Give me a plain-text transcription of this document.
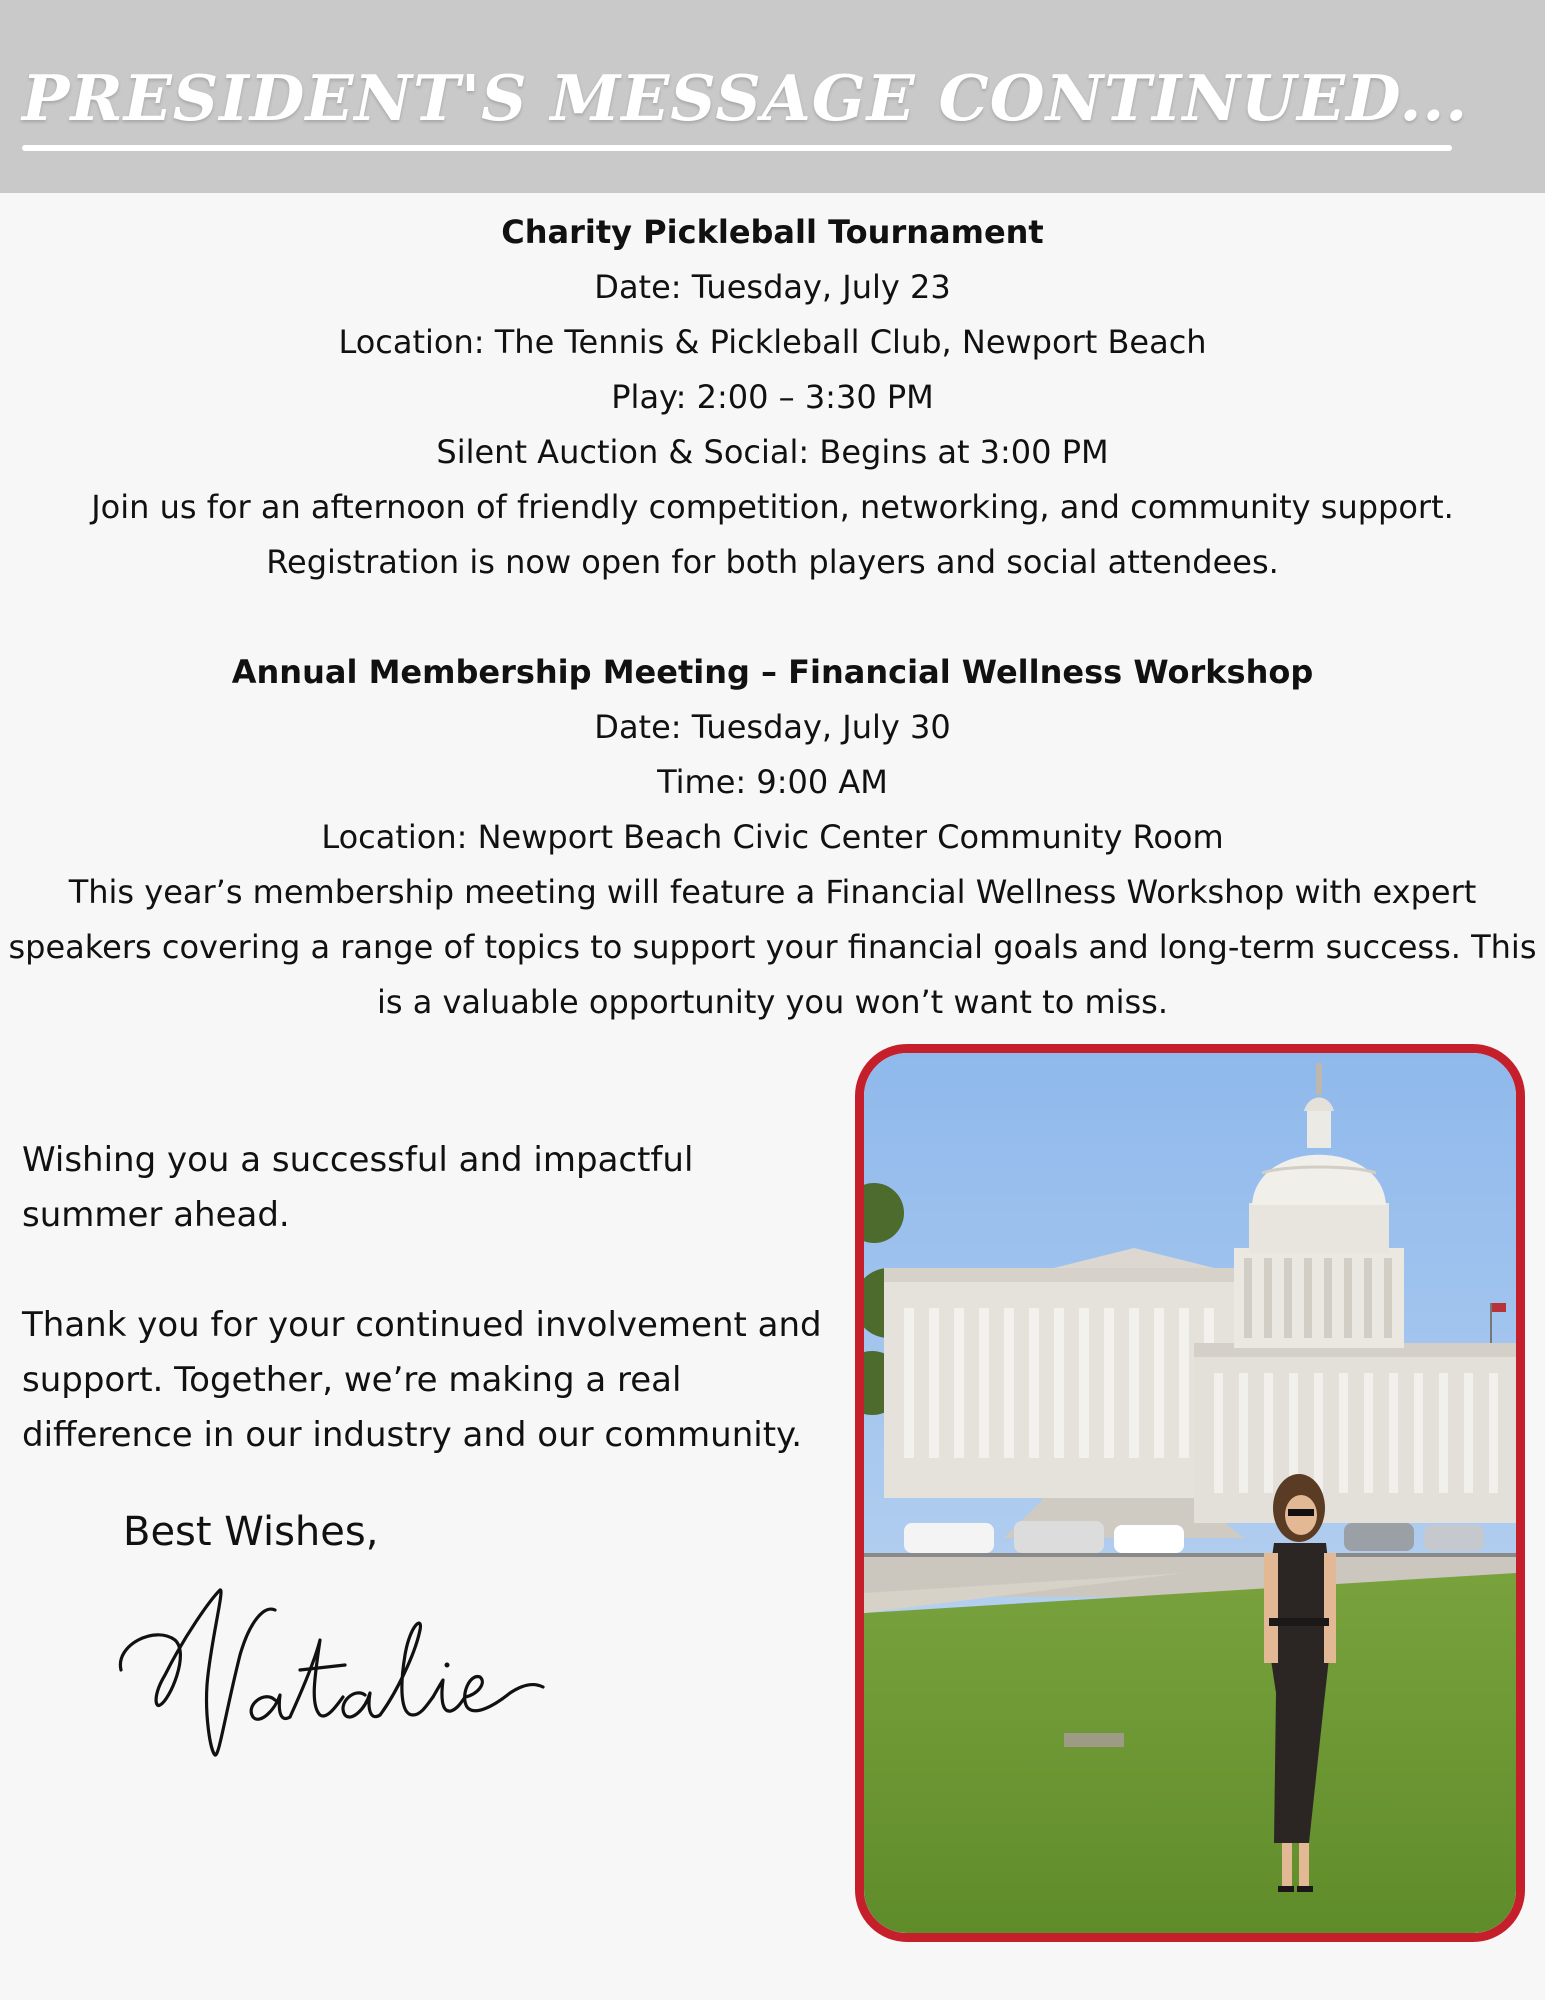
PRESIDENT'S MESSAGE CONTINUED...

Charity Pickleball Tournament

Date: Tuesday, July 23

Location: The Tennis & Pickleball Club, Newport Beach

Play: 2:00 – 3:30 PM

Silent Auction & Social: Begins at 3:00 PM

Join us for an afternoon of friendly competition, networking, and community support.

Registration is now open for both players and social attendees.

Annual Membership Meeting – Financial Wellness Workshop

Date: Tuesday, July 30

Time: 9:00 AM

Location: Newport Beach Civic Center Community Room

This year’s membership meeting will feature a Financial Wellness Workshop with expert

speakers covering a range of topics to support your financial goals and long-term success. This

is a valuable opportunity you won’t want to miss.

Wishing you a successful and impactful

summer ahead.

Thank you for your continued involvement and

support. Together, we’re making a real

difference in our industry and our community.

Best Wishes,
